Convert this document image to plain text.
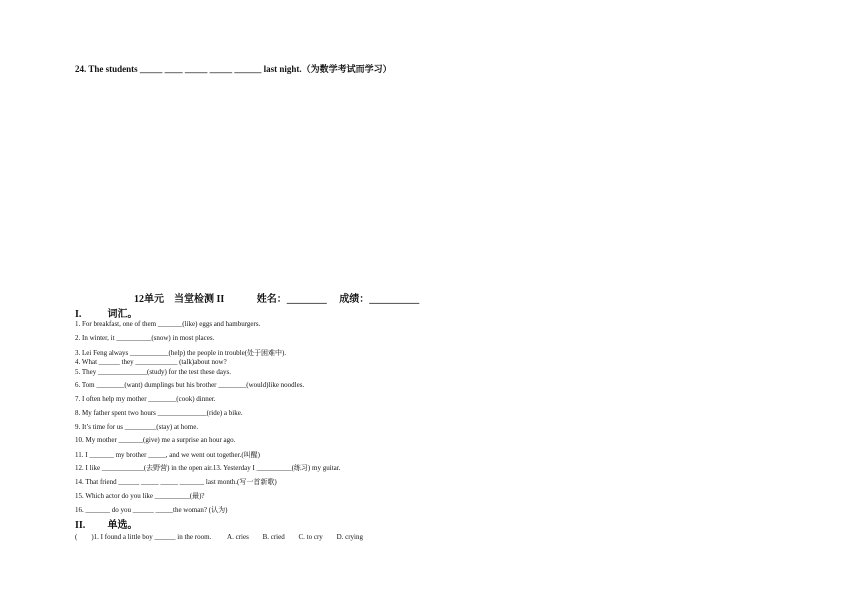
24. The students _____ ____ _____ _____ ______ last night.（为数学考试而学习）
12单元　当堂检测 II	姓名：________ 成绩：__________
I.	词汇。
1. For breakfast, one of them _______(like) eggs and hamburgers.
2. In winter, it __________(snow) in most places.
3. Lei Feng always ___________(help) the people in trouble(处于困难中).
4. What ______ they ____________ (talk)about now?
5. They ______________(study) for the test these days.
6. Tom ________(want) dumplings but his brother ________(would)like noodles.
7. I often help my mother ________(cook) dinner.
8. My father spent two hours ______________(ride) a bike.
9. It’s time for us _________(stay) at home.
10. My mother _______(give) me a surprise an hour ago.
11. I _______ my brother _____, and we went out together.(叫醒)
12. I like ____________(去野营) in the open air.13. Yesterday I __________(练习) my guitar.
14. That friend ______ _____ _____ _______ last month.(写一首新歌)
15. Which actor do you like __________(最)?
16. _______ do you ______ _____the woman? (认为)
II. 单选。
(　　)1. I found a little boy ______ in the room. A. cries B. cried C. to cry D. crying
